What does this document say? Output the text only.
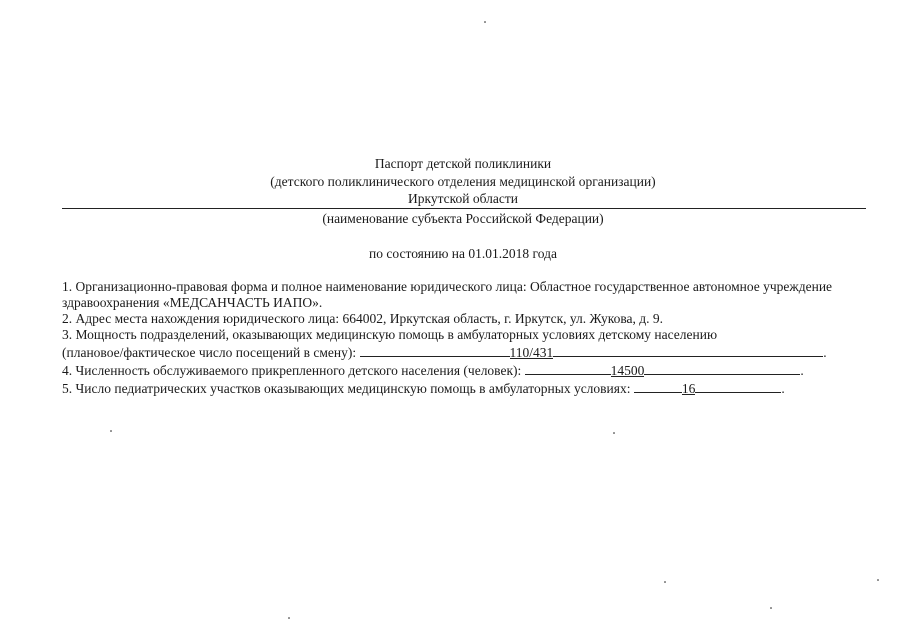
Паспорт детской поликлиники
(детского поликлинического отделения медицинской организации)
Иркутской области
(наименование субъекта Российской Федерации)
по состоянию на 01.01.2018 года

1. Организационно-правовая форма и полное наименование юридического лица: Областное государственное автономное учреждение здравоохранения «МЕДСАНЧАСТЬ ИАПО».

2. Адрес места нахождения юридического лица: 664002, Иркутская область, г. Иркутск, ул. Жукова, д. 9.

3. Мощность подразделений, оказывающих медицинскую помощь в амбулаторных условиях детскому населению

(плановое/фактическое число посещений в смену):	110/431	.

4. Численность обслуживаемого прикрепленного детского населения (человек):	14500	.

5. Число педиатрических участков оказывающих медицинскую помощь в амбулаторных условиях:	16	.
